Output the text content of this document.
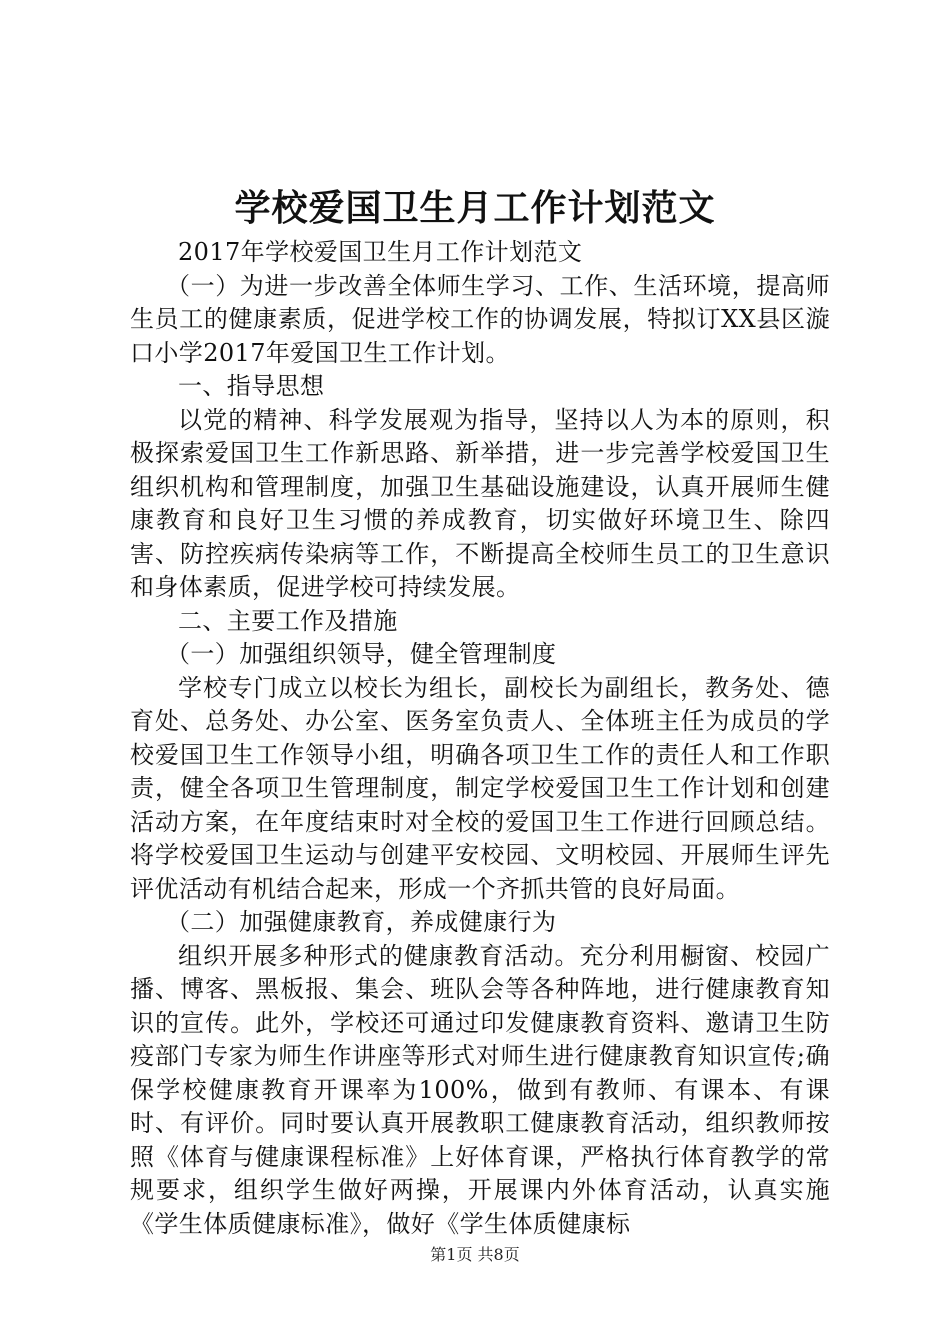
学校爱国卫生月工作计划范文

2017年学校爱国卫生月工作计划范文

（一）为进一步改善全体师生学习、工作、生活环境，提高师生员工的健康素质，促进学校工作的协调发展，特拟订XX县区漩口小学2017年爱国卫生工作计划。

一、指导思想

以党的精神、科学发展观为指导，坚持以人为本的原则，积极探索爱国卫生工作新思路、新举措，进一步完善学校爱国卫生组织机构和管理制度，加强卫生基础设施建设，认真开展师生健康教育和良好卫生习惯的养成教育，切实做好环境卫生、除四害、防控疾病传染病等工作，不断提高全校师生员工的卫生意识和身体素质，促进学校可持续发展。

二、主要工作及措施

（一）加强组织领导，健全管理制度

学校专门成立以校长为组长，副校长为副组长，教务处、德育处、总务处、办公室、医务室负责人、全体班主任为成员的学校爱国卫生工作领导小组，明确各项卫生工作的责任人和工作职责，健全各项卫生管理制度，制定学校爱国卫生工作计划和创建活动方案，在年度结束时对全校的爱国卫生工作进行回顾总结。将学校爱国卫生运动与创建平安校园、文明校园、开展师生评先评优活动有机结合起来，形成一个齐抓共管的良好局面。

（二）加强健康教育，养成健康行为

组织开展多种形式的健康教育活动。充分利用橱窗、校园广播、博客、黑板报、集会、班队会等各种阵地，进行健康教育知识的宣传。此外，学校还可通过印发健康教育资料、邀请卫生防疫部门专家为师生作讲座等形式对师生进行健康教育知识宣传;确保学校健康教育开课率为100%，做到有教师、有课本、有课时、有评价。同时要认真开展教职工健康教育活动，组织教师按照《体育与健康课程标准》上好体育课，严格执行体育教学的常规要求，组织学生做好两操，开展课内外体育活动，认真实施《学生体质健康标准》，做好《学生体质健康标

第1页 共8页
